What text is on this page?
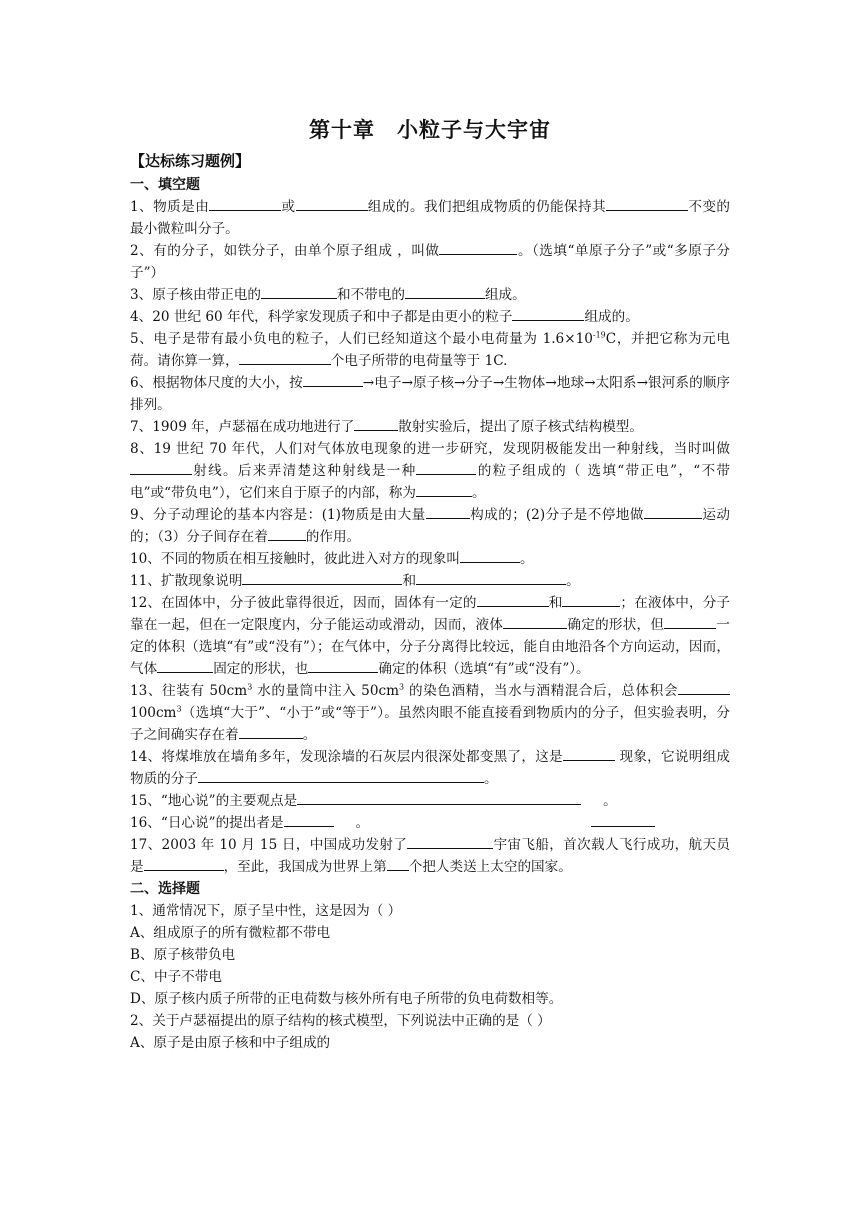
第十章　小粒子与大宇宙
【达标练习题例】
一、填空题

1、物质是由	或	组成的。我们把组成物质的仍能保持其	不变的最小微粒叫分子。

2、有的分子，如铁分子，由单个原子组成 ，叫做	。（选填“单原子分子”或“多原子分子”）

3、原子核由带正电的	和不带电的	组成。

4、20 世纪 60 年代，科学家发现质子和中子都是由更小的粒子	组成的。

5、电子是带有最小负电的粒子，人们已经知道这个最小电荷量为 $1.6\times 10^{-19}C$，并把它称为元电荷。请你算一算，	个电子所带的电荷量等于 1C.

6、根据物体尺度的大小，按	→电子→原子核→分子→生物体→地球→太阳系→银河系的顺序排列。

7、1909 年，卢瑟福在成功地进行了	散射实验后，提出了原子核式结构模型。

8、19 世纪 70 年代，人们对气体放电现象的进一步研究，发现阴极能发出一种射线，当时叫做射线。后来弄清楚这种射线是一种	的粒子组成的（ 选填“带正电”，“不带电”或“带负电”），它们来自于原子的内部，称为	。

9、分子动理论的基本内容是：(1)物质是由大量	构成的；(2)分子是不停地做	运动的；（3）分子间存在着	的作用。

10、不同的物质在相互接触时，彼此进入对方的现象叫	。

11、扩散现象说明	和	。

12、在固体中，分子彼此靠得很近，因而，固体有一定的	和	；在液体中，分子靠在一起，但在一定限度内，分子能运动或滑动，因而，液体	确定的形状，但	一定的体积（选填“有”或“没有”）；在气体中，分子分离得比较远，能自由地沿各个方向运动，因而，气体	固定的形状，也	确定的体积（选填“有”或“没有”）。

13、往装有 $50cm^3$ 水的量筒中注入 $50cm^3$ 的染色酒精，当水与酒精混合后，总体积会$100cm^3$（选填“大于”、“小于”或“等于”）。虽然肉眼不能直接看到物质内的分子，但实验表明，分子之间确实存在着	。

14、将煤堆放在墙角多年，发现涂墙的石灰层内很深处都变黑了，这是	现象，它说明组成物质的分子	。

15、“地心说”的主要观点是	。

16、“日心说”的提出者是	。

17、2003 年 10 月 15 日，中国成功发射了	宇宙飞船，首次载人飞行成功，航天员是	，至此，我国成为世界上第 个把人类送上太空的国家。

二、选择题

1、通常情况下，原子呈中性，这是因为（ ）

A、组成原子的所有微粒都不带电

B、原子核带负电

C、中子不带电

D、原子核内质子所带的正电荷数与核外所有电子所带的负电荷数相等。

2、关于卢瑟福提出的原子结构的核式模型，下列说法中正确的是（ ）

A、原子是由原子核和中子组成的
